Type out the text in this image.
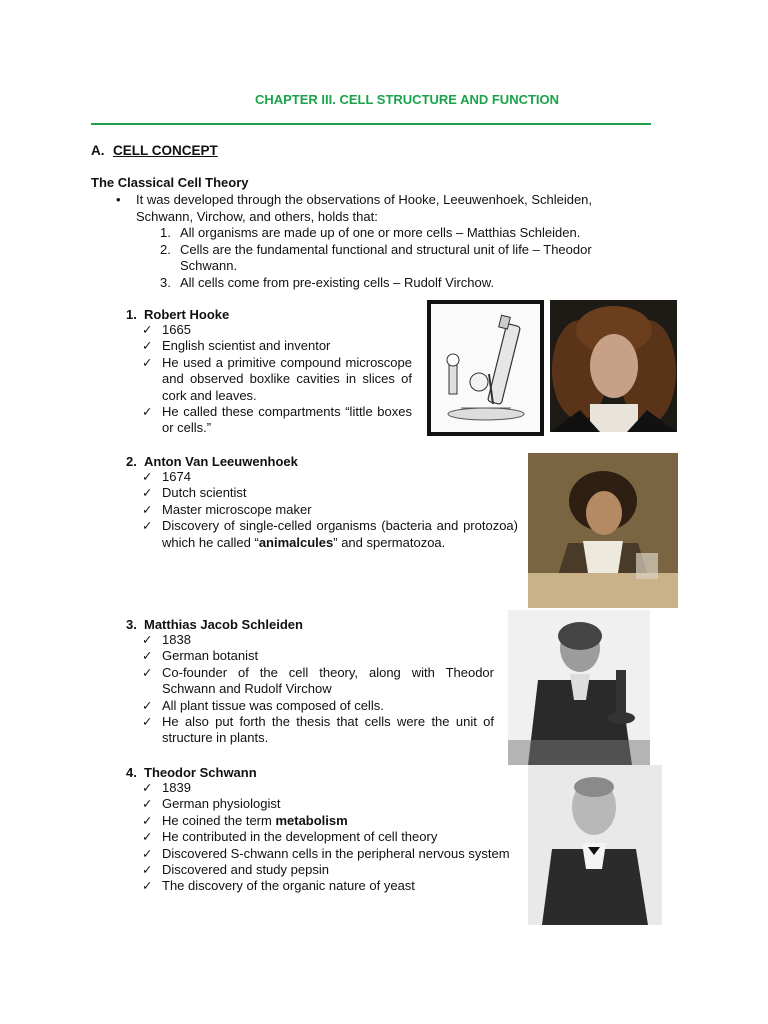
CHAPTER III. CELL STRUCTURE AND FUNCTION
A. CELL CONCEPT
The Classical Cell Theory
• It was developed through the observations of Hooke, Leeuwenhoek, Schleiden, Schwann, Virchow, and others, holds that:
1. All organisms are made up of one or more cells – Matthias Schleiden.
2. Cells are the fundamental functional and structural unit of life – Theodor Schwann.
3. All cells come from pre-existing cells – Rudolf Virchow.
1. Robert Hooke
✓ 1665
✓ English scientist and inventor
✓ He used a primitive compound microscope and observed boxlike cavities in slices of cork and leaves.
✓ He called these compartments “little boxes or cells.”
2. Anton Van Leeuwenhoek
✓ 1674
✓ Dutch scientist
✓ Master microscope maker
✓ Discovery of single-celled organisms (bacteria and protozoa) which he called “animalcules” and spermatozoa.
3. Matthias Jacob Schleiden
✓ 1838
✓ German botanist
✓ Co-founder of the cell theory, along with Theodor Schwann and Rudolf Virchow
✓ All plant tissue was composed of cells.
✓ He also put forth the thesis that cells were the unit of structure in plants.
4. Theodor Schwann
✓ 1839
✓ German physiologist
✓ He coined the term metabolism
✓ He contributed in the development of cell theory
✓ Discovered S-chwann cells in the peripheral nervous system
✓ Discovered and study pepsin
✓ The discovery of the organic nature of yeast
